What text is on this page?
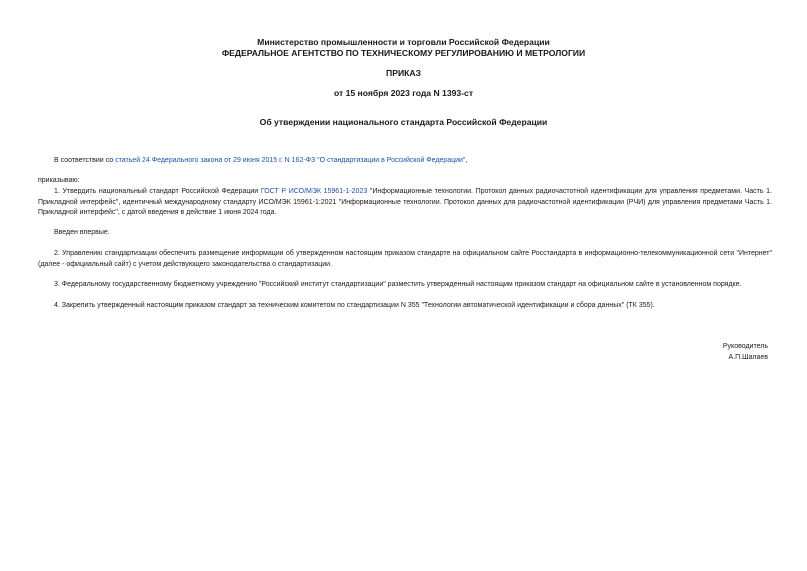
Министерство промышленности и торговли Российской Федерации
ФЕДЕРАЛЬНОЕ АГЕНТСТВО ПО ТЕХНИЧЕСКОМУ РЕГУЛИРОВАНИЮ И МЕТРОЛОГИИ
ПРИКАЗ
от 15 ноября 2023 года N 1393-ст
Об утверждении национального стандарта Российской Федерации
В соответствии со статьей 24 Федерального закона от 29 июня 2015 г. N 162-ФЗ "О стандартизации в Российской Федерации",
приказываю:
1. Утвердить национальный стандарт Российской Федерации ГОСТ Р ИСО/МЭК 15961-1-2023 "Информационные технологии. Протокол данных радиочастотной идентификации для управления предметами. Часть 1. Прикладной интерфейс", идентичный международному стандарту ИСО/МЭК 15961-1:2021 "Информационные технологии. Протокол данных для радиочастотной идентификации (РЧИ) для управления предметами Часть 1. Прикладной интерфейс", с датой введения в действие 1 июня 2024 года.
Введен впервые.
2. Управлению стандартизации обеспечить размещение информации об утвержденном настоящим приказом стандарте на официальном сайте Росстандарта в информационно-телекоммуникационной сети "Интернет" (далее - официальный сайт) с учетом действующего законодательства о стандартизации.
3. Федеральному государственному бюджетному учреждению "Российский институт стандартизации" разместить утвержденный настоящим приказом стандарт на официальном сайте в установленном порядке.
4. Закрепить утвержденный настоящим приказом стандарт за техническим комитетом по стандартизации N 355 "Технологии автоматической идентификации и сбора данных" (ТК 355).
Руководитель
А.П.Шалаев
